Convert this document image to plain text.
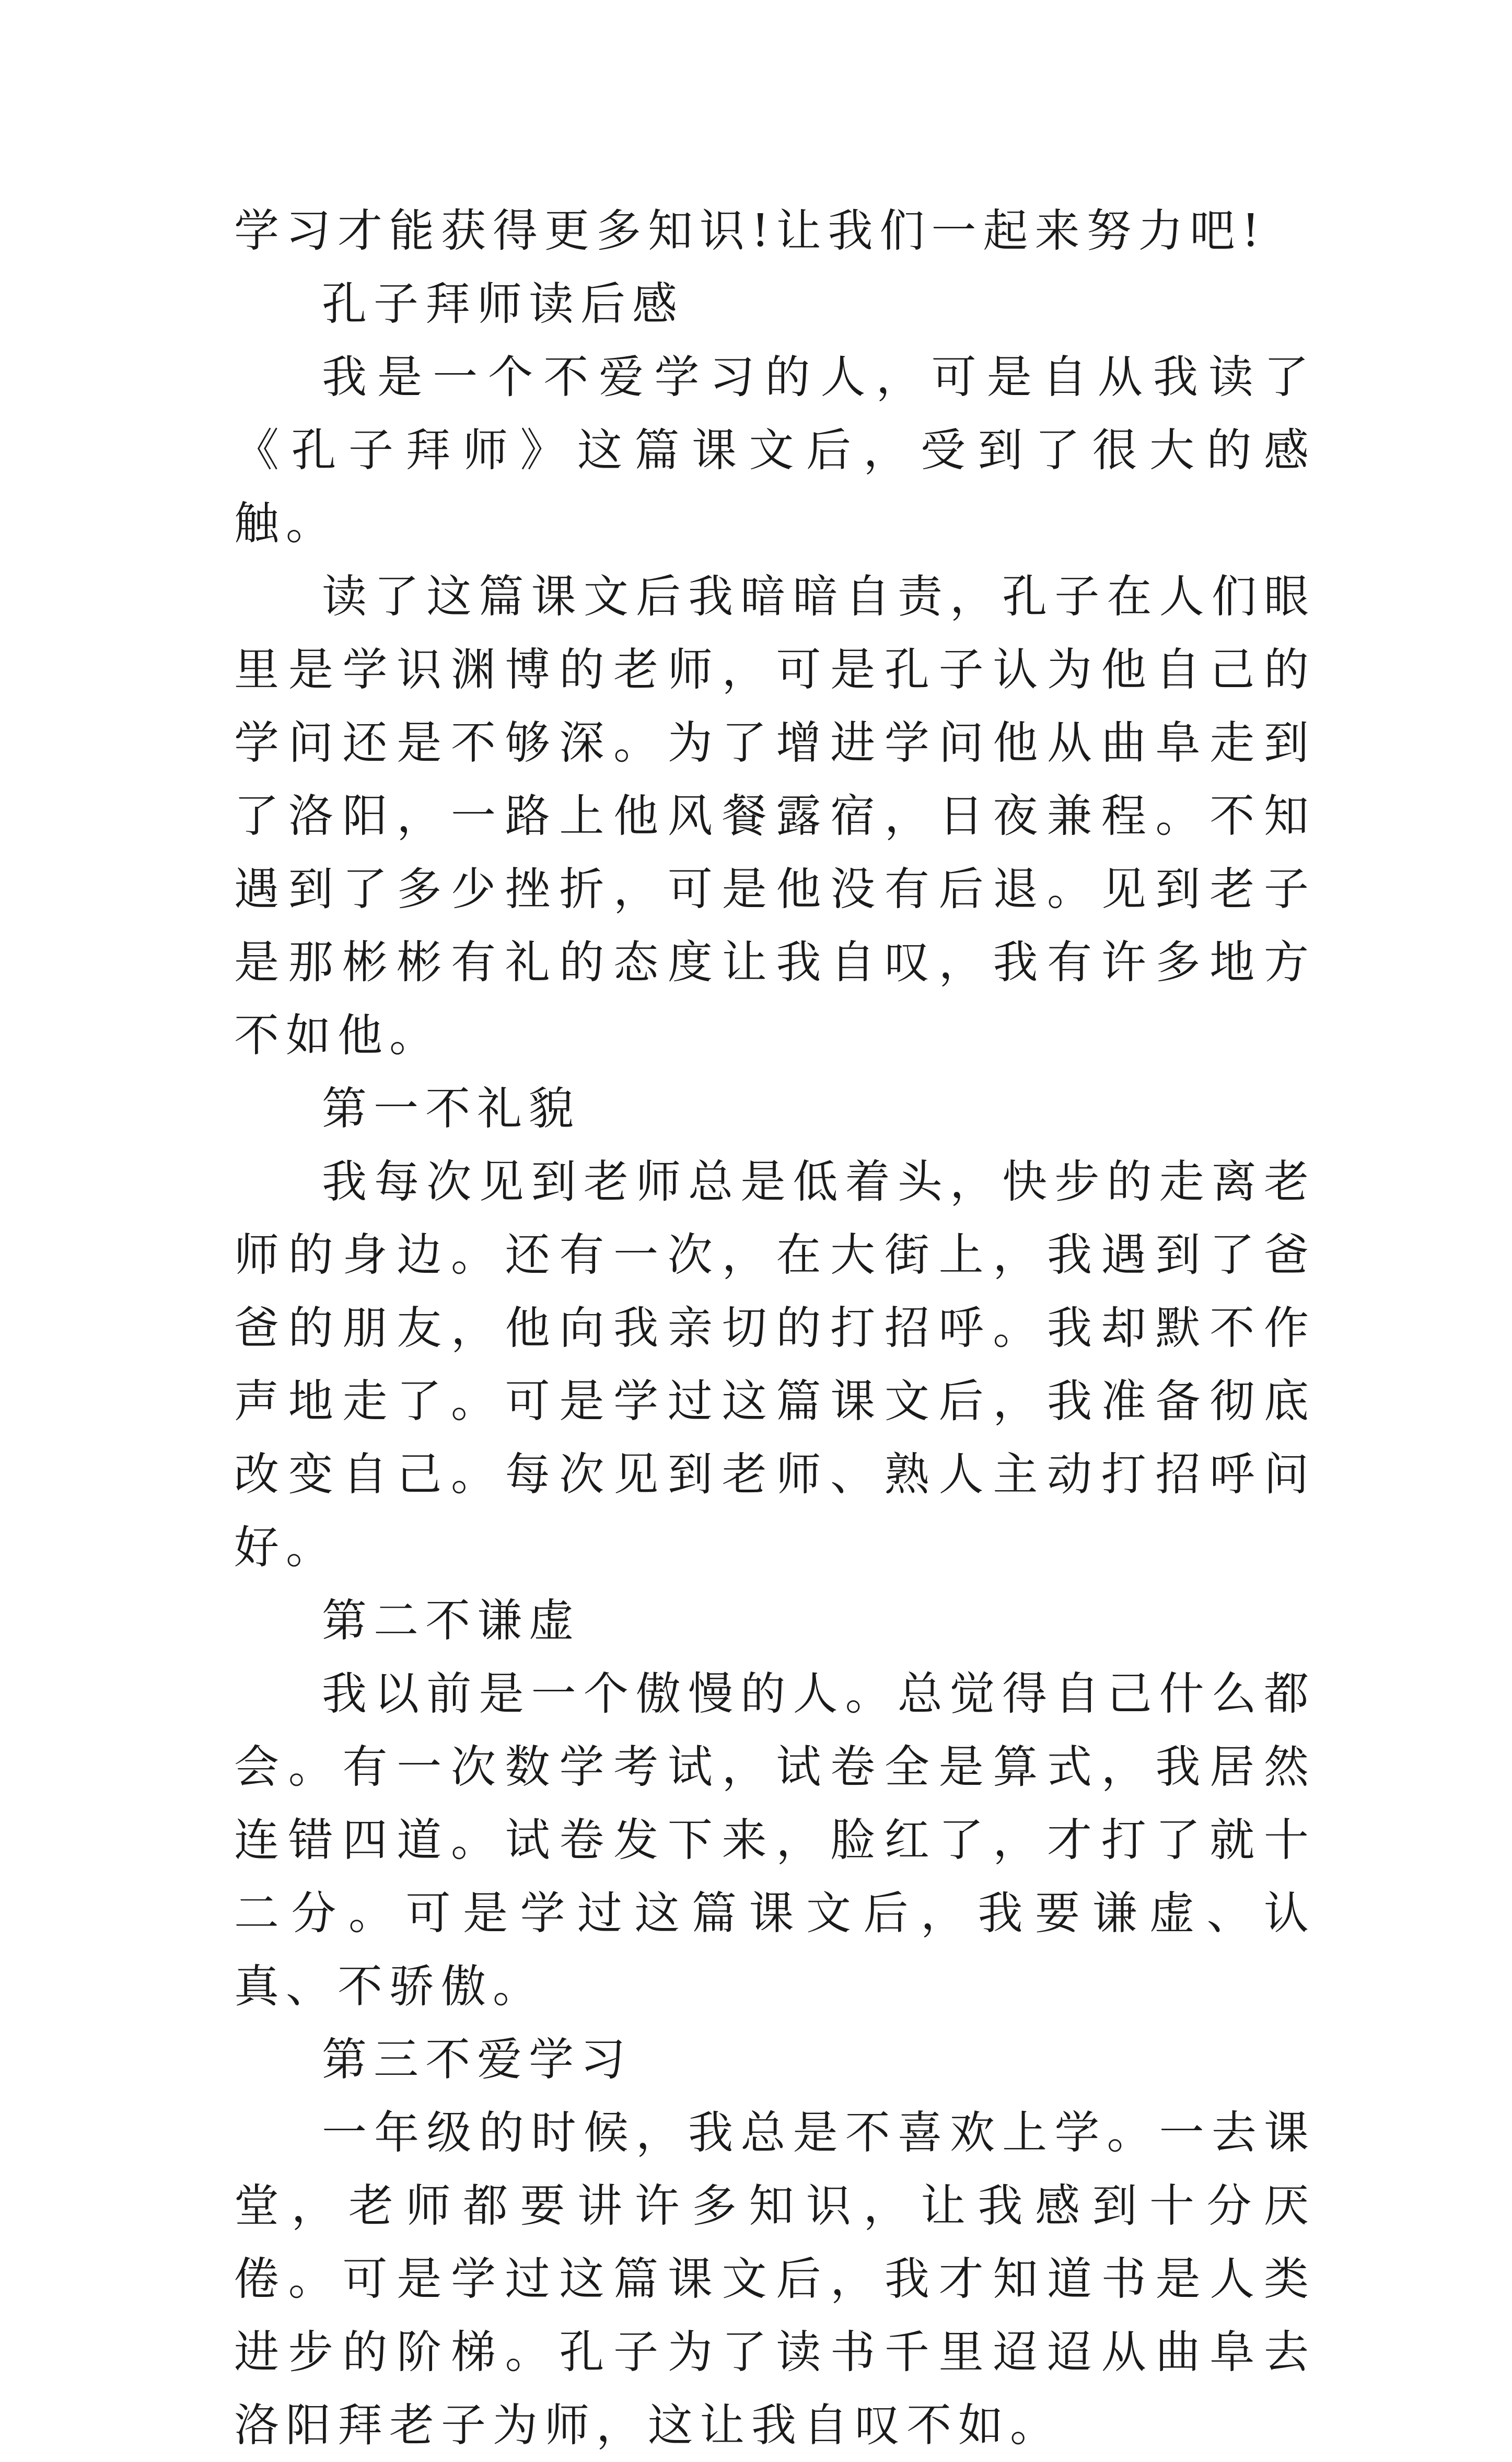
学习才能获得更多知识!让我们一起来努力吧!

孔子拜师读后感

我是一个不爱学习的人，可是自从我读了《孔子拜师》这篇课文后，受到了很大的感触。

读了这篇课文后我暗暗自责，孔子在人们眼里是学识渊博的老师，可是孔子认为他自己的学问还是不够深。为了增进学问他从曲阜走到了洛阳，一路上他风餐露宿，日夜兼程。不知遇到了多少挫折，可是他没有后退。见到老子是那彬彬有礼的态度让我自叹，我有许多地方不如他。

第一不礼貌

我每次见到老师总是低着头，快步的走离老师的身边。还有一次，在大街上，我遇到了爸爸的朋友，他向我亲切的打招呼。我却默不作声地走了。可是学过这篇课文后，我准备彻底改变自己。每次见到老师、熟人主动打招呼问好。

第二不谦虚

我以前是一个傲慢的人。总觉得自己什么都会。有一次数学考试，试卷全是算式，我居然连错四道。试卷发下来，脸红了，才打了就十二分。可是学过这篇课文后，我要谦虚、认真、不骄傲。

第三不爱学习

一年级的时候，我总是不喜欢上学。一去课堂，老师都要讲许多知识，让我感到十分厌倦。可是学过这篇课文后，我才知道书是人类进步的阶梯。孔子为了读书千里迢迢从曲阜去洛阳拜老子为师，这让我自叹不如。
